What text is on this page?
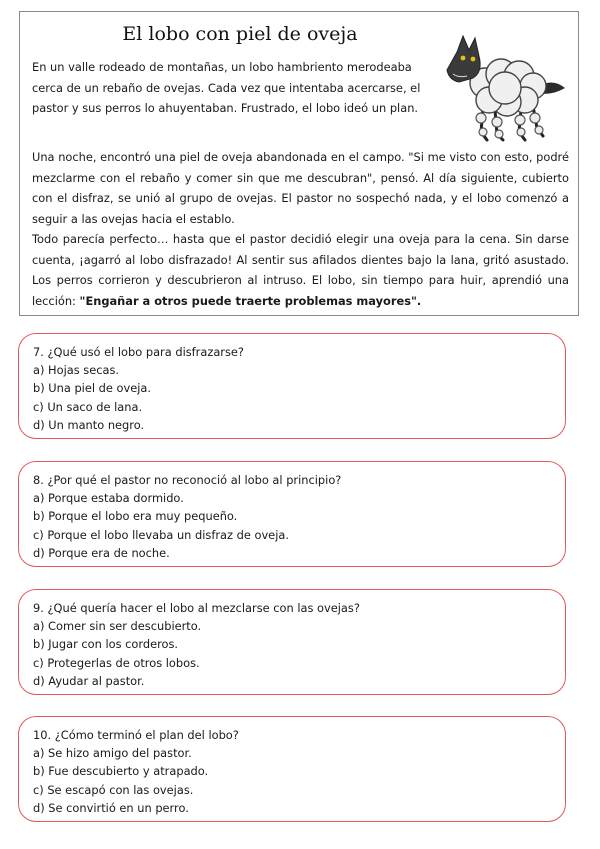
El lobo con piel de oveja

En un valle rodeado de montañas, un lobo hambriento merodeaba cerca de un rebaño de ovejas. Cada vez que intentaba acercarse, el pastor y sus perros lo ahuyentaban. Frustrado, el lobo ideó un plan.

Una noche, encontró una piel de oveja abandonada en el campo. "Si me visto con esto, podré mezclarme con el rebaño y comer sin que me descubran", pensó. Al día siguiente, cubierto con el disfraz, se unió al grupo de ovejas. El pastor no sospechó nada, y el lobo comenzó a seguir a las ovejas hacia el establo.
Todo parecía perfecto… hasta que el pastor decidió elegir una oveja para la cena. Sin darse cuenta, ¡agarró al lobo disfrazado! Al sentir sus afilados dientes bajo la lana, gritó asustado. Los perros corrieron y descubrieron al intruso. El lobo, sin tiempo para huir, aprendió una lección: "Engañar a otros puede traerte problemas mayores".

7. ¿Qué usó el lobo para disfrazarse?
a) Hojas secas.
b) Una piel de oveja.
c) Un saco de lana.
d) Un manto negro.
8. ¿Por qué el pastor no reconoció al lobo al principio?
a) Porque estaba dormido.
b) Porque el lobo era muy pequeño.
c) Porque el lobo llevaba un disfraz de oveja.
d) Porque era de noche.
9. ¿Qué quería hacer el lobo al mezclarse con las ovejas?
a) Comer sin ser descubierto.
b) Jugar con los corderos.
c) Protegerlas de otros lobos.
d) Ayudar al pastor.
10. ¿Cómo terminó el plan del lobo?
a) Se hizo amigo del pastor.
b) Fue descubierto y atrapado.
c) Se escapó con las ovejas.
d) Se convirtió en un perro.
